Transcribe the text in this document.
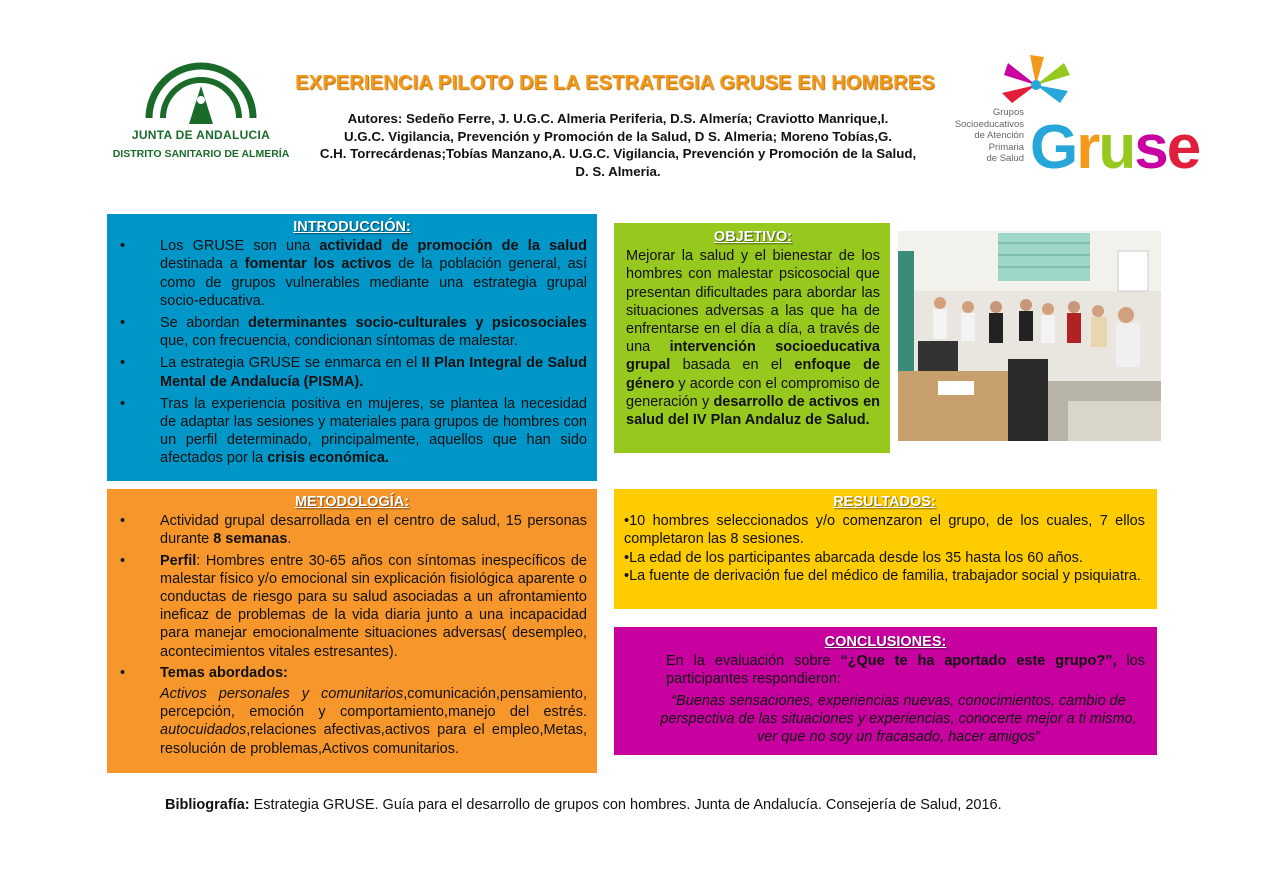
JUNTA DE ANDALUCIA
DISTRITO SANITARIO DE ALMERÍA
EXPERIENCIA PILOTO DE LA ESTRATEGIA GRUSE EN HOMBRES
Autores: Sedeño Ferre, J. U.G.C. Almeria Periferia, D.S. Almería; Craviotto Manrique,I.
U.G.C. Vigilancia, Prevención y Promoción de la Salud, D S. Almeria; Moreno Tobías,G.
C.H. Torrecárdenas;Tobías Manzano,A. U.G.C. Vigilancia, Prevención y Promoción de la Salud,
D. S. Almeria.
Grupos
Socioeducativos
de Atención
Primaria
de Salud Gruse
INTRODUCCIÓN:
• Los GRUSE son una actividad de promoción de la salud destinada a fomentar los activos de la población general, así como de grupos vulnerables mediante una estrategia grupal socio-educativa.
• Se abordan determinantes socio-culturales y psicosociales que, con frecuencia, condicionan síntomas de malestar.
• La estrategia GRUSE se enmarca en el II Plan Integral de Salud Mental de Andalucía (PISMA).
• Tras la experiencia positiva en mujeres, se plantea la necesidad de adaptar las sesiones y materiales para grupos de hombres con un perfil determinado, principalmente, aquellos que han sido afectados por la crisis económica.
OBJETIVO:

Mejorar la salud y el bienestar de los hombres con malestar psicosocial que presentan dificultades para abordar las situaciones adversas a las que ha de enfrentarse en el día a día, a través de una intervención socioeducativa grupal basada en el enfoque de género y acorde con el compromiso de generación y desarrollo de activos en salud del IV Plan Andaluz de Salud.

METODOLOGÍA:
• Actividad grupal desarrollada en el centro de salud, 15 personas durante 8 semanas.
• Perfil: Hombres entre 30-65 años con síntomas inespecíficos de malestar físico y/o emocional sin explicación fisiológica aparente o conductas de riesgo para su salud asociadas a un afrontamiento ineficaz de problemas de la vida diaria junto a una incapacidad para manejar emocionalmente situaciones adversas( desempleo, acontecimientos vitales estresantes).
• Temas abordados:
Activos personales y comunitarios,comunicación,pensamiento, percepción, emoción y comportamiento,manejo del estrés. autocuidados,relaciones afectivas,activos para el empleo,Metas, resolución de problemas,Activos comunitarios.
RESULTADOS:

•10 hombres seleccionados y/o comenzaron el grupo, de los cuales, 7 ellos completaron las 8 sesiones.

•La edad de los participantes abarcada desde los 35 hasta los 60 años.

•La fuente de derivación fue del médico de familia, trabajador social y psiquiatra.

CONCLUSIONES:
En la evaluación sobre “¿Que te ha aportado este grupo?”, los participantes respondieron:
“Buenas sensaciones, experiencias nuevas, conocimientos, cambio de perspectiva de las situaciones y experiencias, conocerte mejor a ti mismo, ver que no soy un fracasado, hacer amigos”
Bibliografía: Estrategia GRUSE. Guía para el desarrollo de grupos con hombres. Junta de Andalucía. Consejería de Salud, 2016.
